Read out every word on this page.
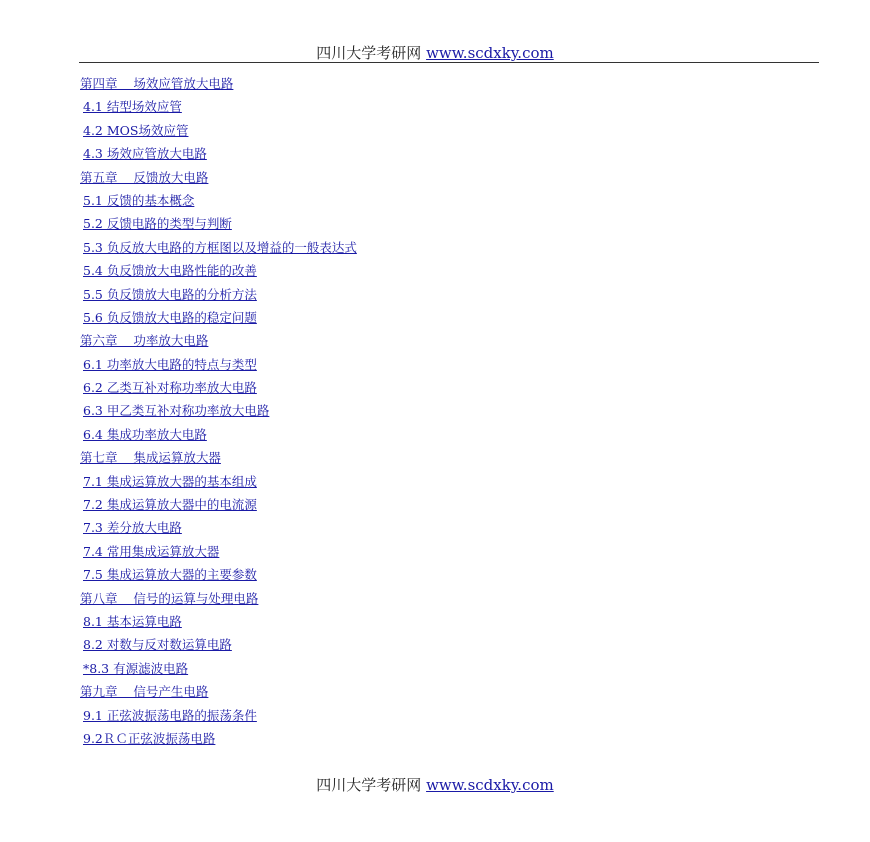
四川大学考研网 www.scdxky.com
第四章    场效应管放大电路
4.1 结型场效应管
4.2 MOS场效应管
4.3 场效应管放大电路
第五章    反馈放大电路
5.1 反馈的基本概念
5.2 反馈电路的类型与判断
5.3 负反放大电路的方框图以及增益的一般表达式
5.4 负反馈放大电路性能的改善
5.5 负反馈放大电路的分析方法
5.6 负反馈放大电路的稳定问题
第六章    功率放大电路
6.1 功率放大电路的特点与类型
6.2 乙类互补对称功率放大电路
6.3 甲乙类互补对称功率放大电路
6.4 集成功率放大电路
第七章    集成运算放大器
7.1 集成运算放大器的基本组成
7.2 集成运算放大器中的电流源
7.3 差分放大电路
7.4 常用集成运算放大器
7.5 集成运算放大器的主要参数
第八章    信号的运算与处理电路
8.1 基本运算电路
8.2 对数与反对数运算电路
*8.3 有源滤波电路
第九章    信号产生电路
9.1 正弦波振荡电路的振荡条件
9.2ＲＣ正弦波振荡电路
四川大学考研网 www.scdxky.com
